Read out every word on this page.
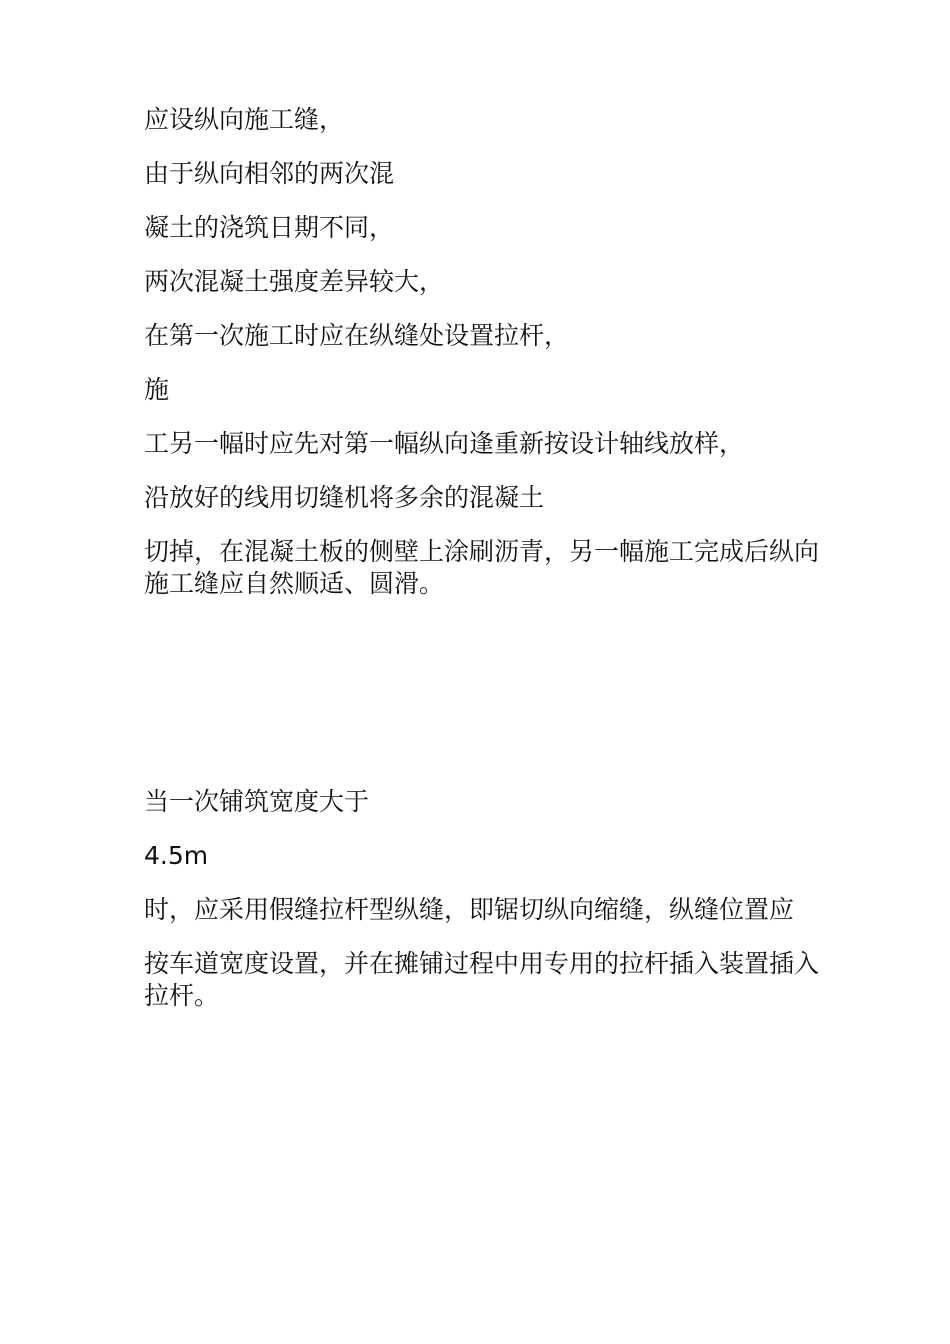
应设纵向施工缝，

由于纵向相邻的两次混

凝土的浇筑日期不同，

两次混凝土强度差异较大，

在第一次施工时应在纵缝处设置拉杆，

施

工另一幅时应先对第一幅纵向逢重新按设计轴线放样，

沿放好的线用切缝机将多余的混凝土

切掉，在混凝土板的侧壁上涂刷沥青，另一幅施工完成后纵向施工缝应自然顺适、圆滑。

当一次铺筑宽度大于

4.5m

时，应采用假缝拉杆型纵缝，即锯切纵向缩缝，纵缝位置应

按车道宽度设置，并在摊铺过程中用专用的拉杆插入装置插入拉杆。
